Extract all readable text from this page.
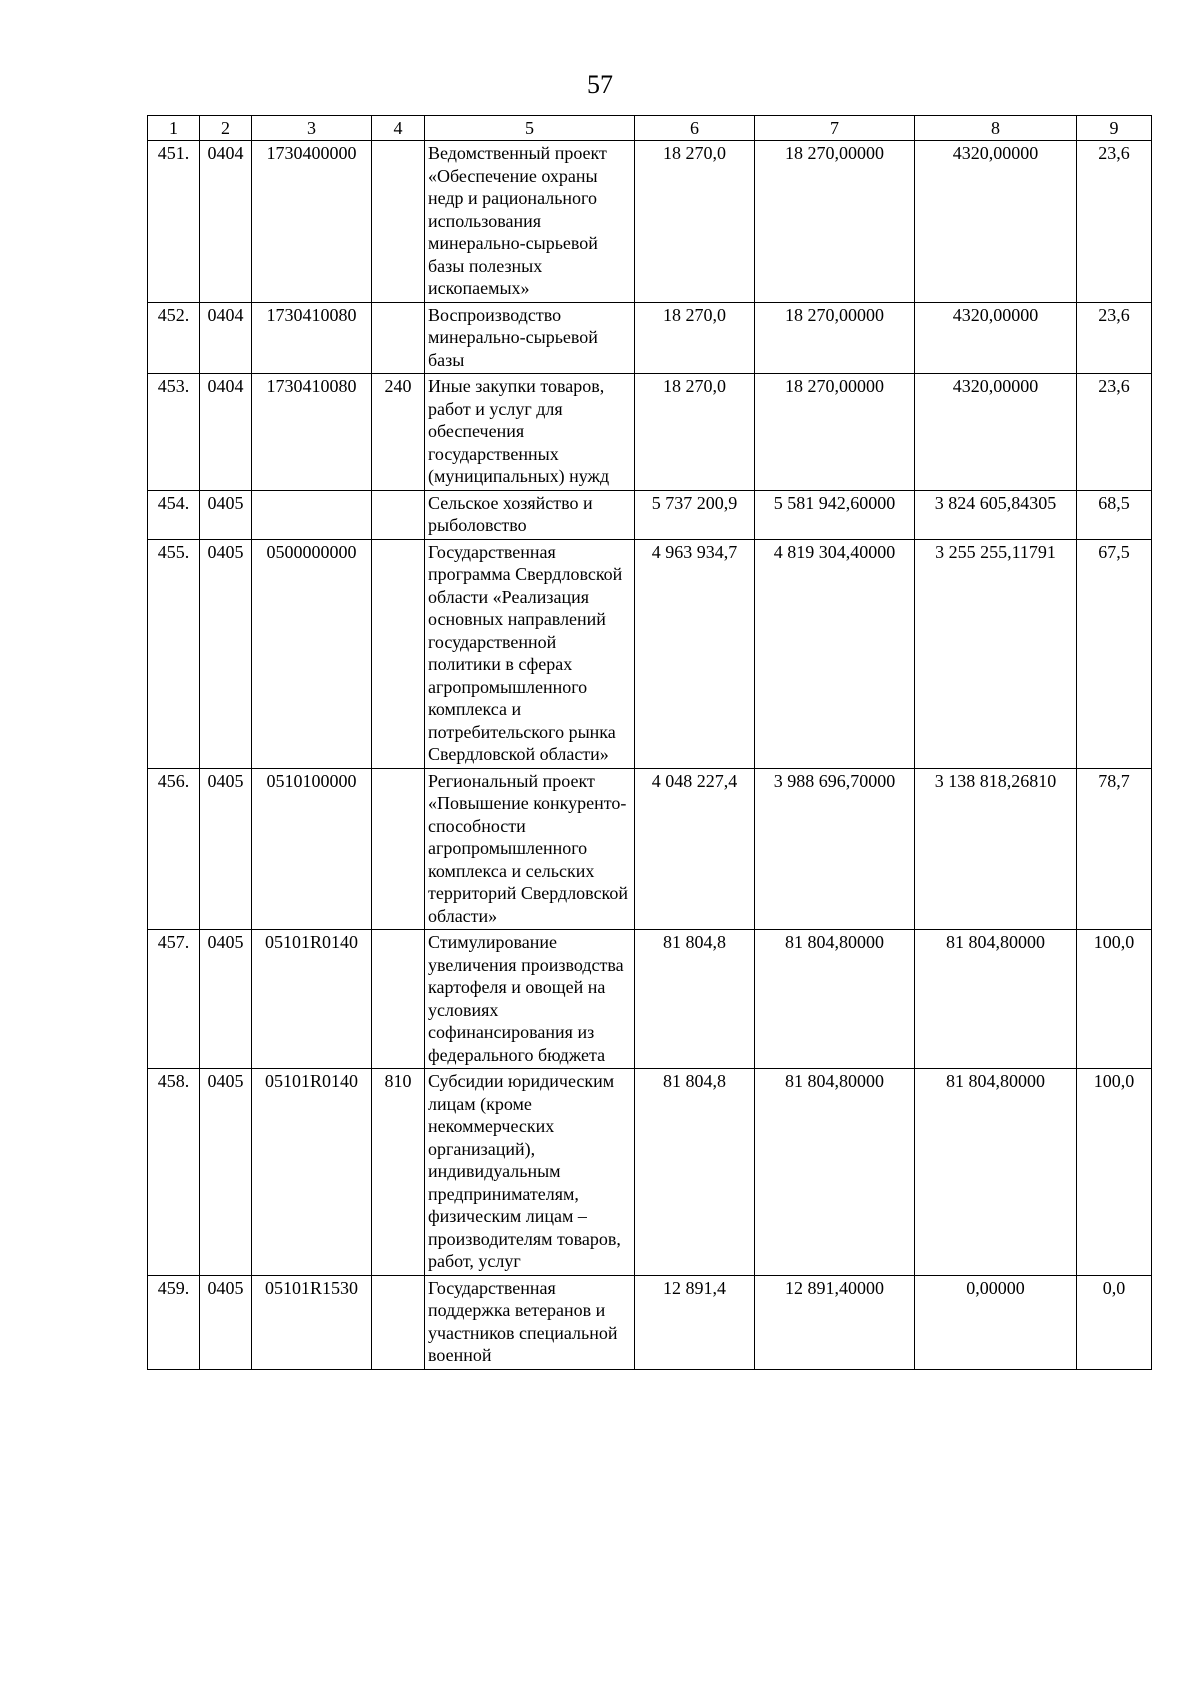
57
1	2	3	4	5	6	7	8	9
451.	0404	1730400000		Ведомственный проект «Обеспечение охраны недр и рационального использования минерально-сырьевой базы полезных ископаемых»	18 270,0	18 270,00000	4320,00000	23,6
452.	0404	1730410080		Воспроизводство минерально-сырьевой базы	18 270,0	18 270,00000	4320,00000	23,6
453.	0404	1730410080	240	Иные закупки товаров, работ и услуг для обеспечения государственных (муниципальных) нужд	18 270,0	18 270,00000	4320,00000	23,6
454.	0405			Сельское хозяйство и рыболовство	5 737 200,9	5 581 942,60000	3 824 605,84305	68,5
455.	0405	0500000000		Государственная программа Свердловской области «Реализация основных направлений государственной политики в сферах агропромышленного комплекса и потребительского рынка Свердловской области»	4 963 934,7	4 819 304,40000	3 255 255,11791	67,5
456.	0405	0510100000		Региональный проект «Повышение конкуренто-способности агропромышленного комплекса и сельских территорий Свердловской области»	4 048 227,4	3 988 696,70000	3 138 818,26810	78,7
457.	0405	05101R0140		Стимулирование увеличения производства картофеля и овощей на условиях софинансирования из федерального бюджета	81 804,8	81 804,80000	81 804,80000	100,0
458.	0405	05101R0140	810	Субсидии юридическим лицам (кроме некоммерческих организаций), индивидуальным предпринимателям, физическим лицам – производителям товаров, работ, услуг	81 804,8	81 804,80000	81 804,80000	100,0
459.	0405	05101R1530		Государственная поддержка ветеранов и участников специальной военной	12 891,4	12 891,40000	0,00000	0,0
